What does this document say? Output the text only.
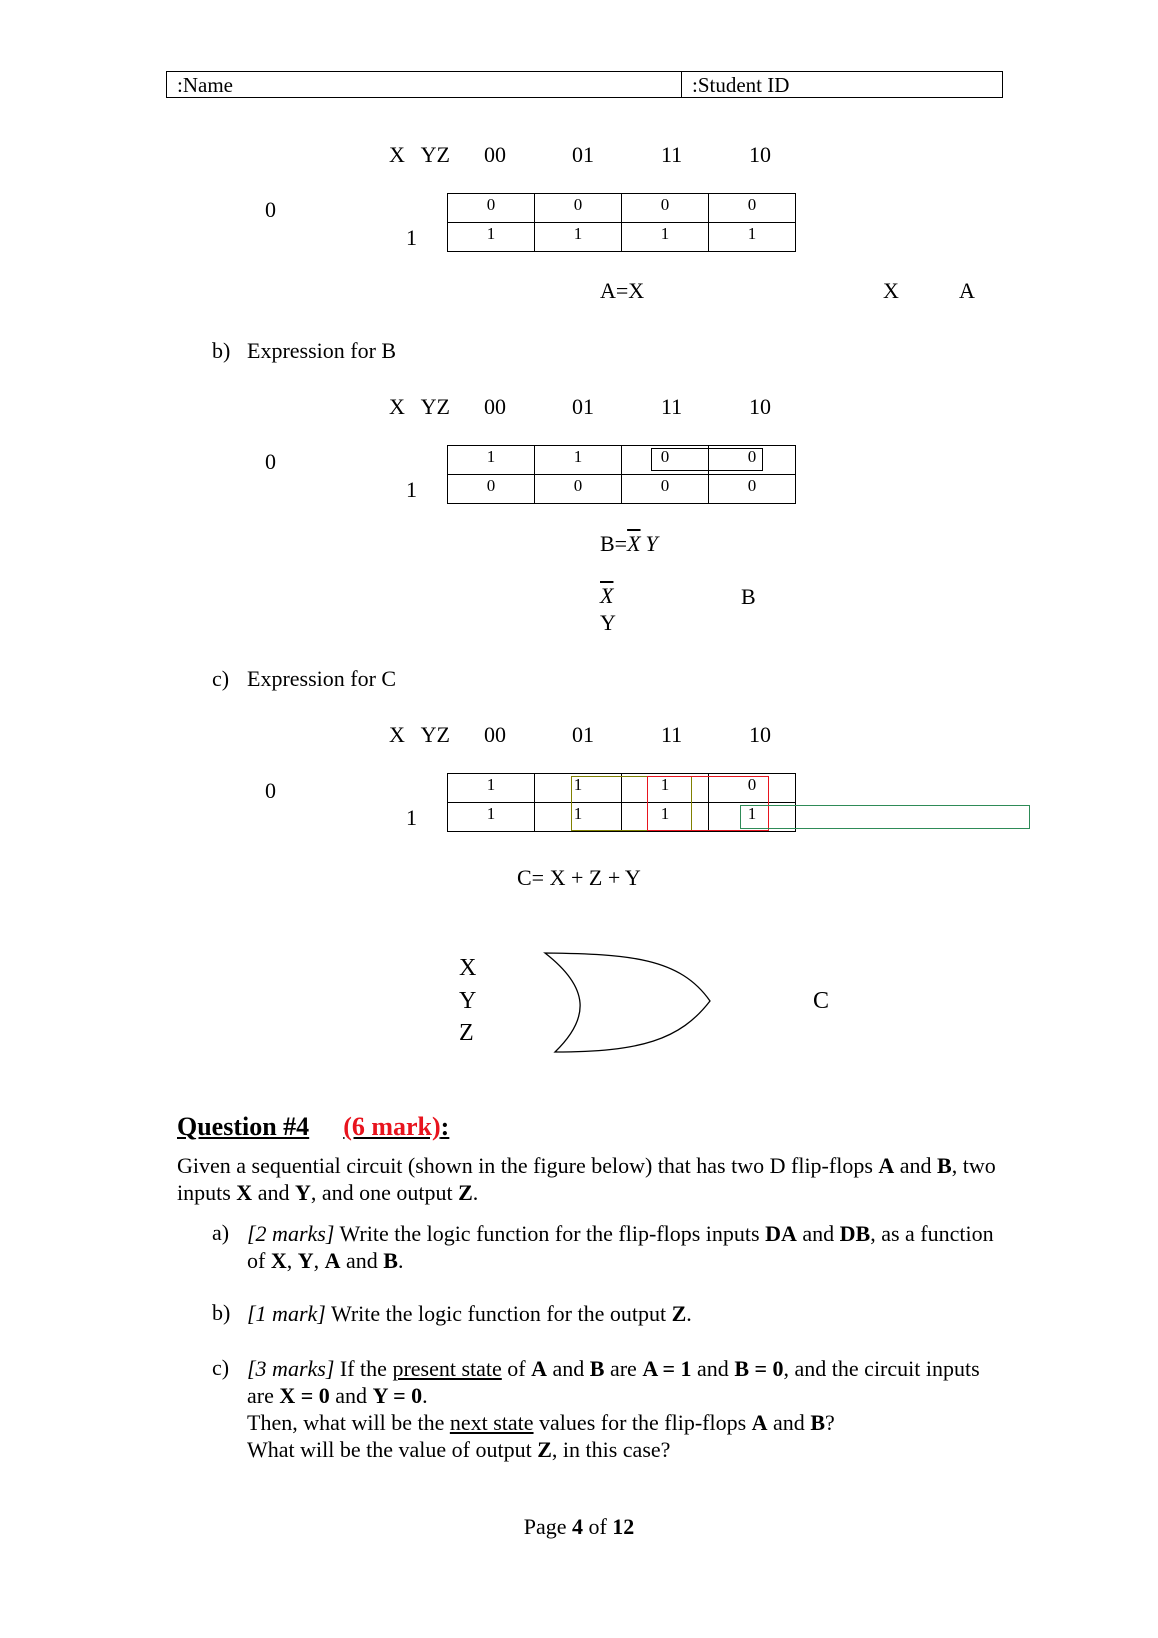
:Name	:Student ID
X   YZ 00	01	11	10
0
1
0	0	0	0
1	1	1	1
A=X	X	A
b) Expression for B
X   YZ 00	01	11	10
0
1
1	1	0	0
0	0	0	0
$B=\overline{X}$ Y
$\overline{X}$
Y
B
c) Expression for C
X   YZ 00	01	11	10
0
1
1	1	1	0
1	1	1	1
C= X + Z + Y
X
Y
Z
C
Question #4 (6 mark):
Given a sequential circuit (shown in the figure below) that has two D flip-flops A and B, two inputs X and Y, and one output Z.
a) [2 marks] Write the logic function for the flip-flops inputs DA and DB, as a function of X, Y, A and B.
b) [1 mark] Write the logic function for the output Z.
c) [3 marks] If the present state of A and B are A = 1 and B = 0, and the circuit inputs are X = 0 and Y = 0.

Then, what will be the next state values for the flip-flops A and B?

What will be the value of output Z, in this case?

Page 4 of 12
